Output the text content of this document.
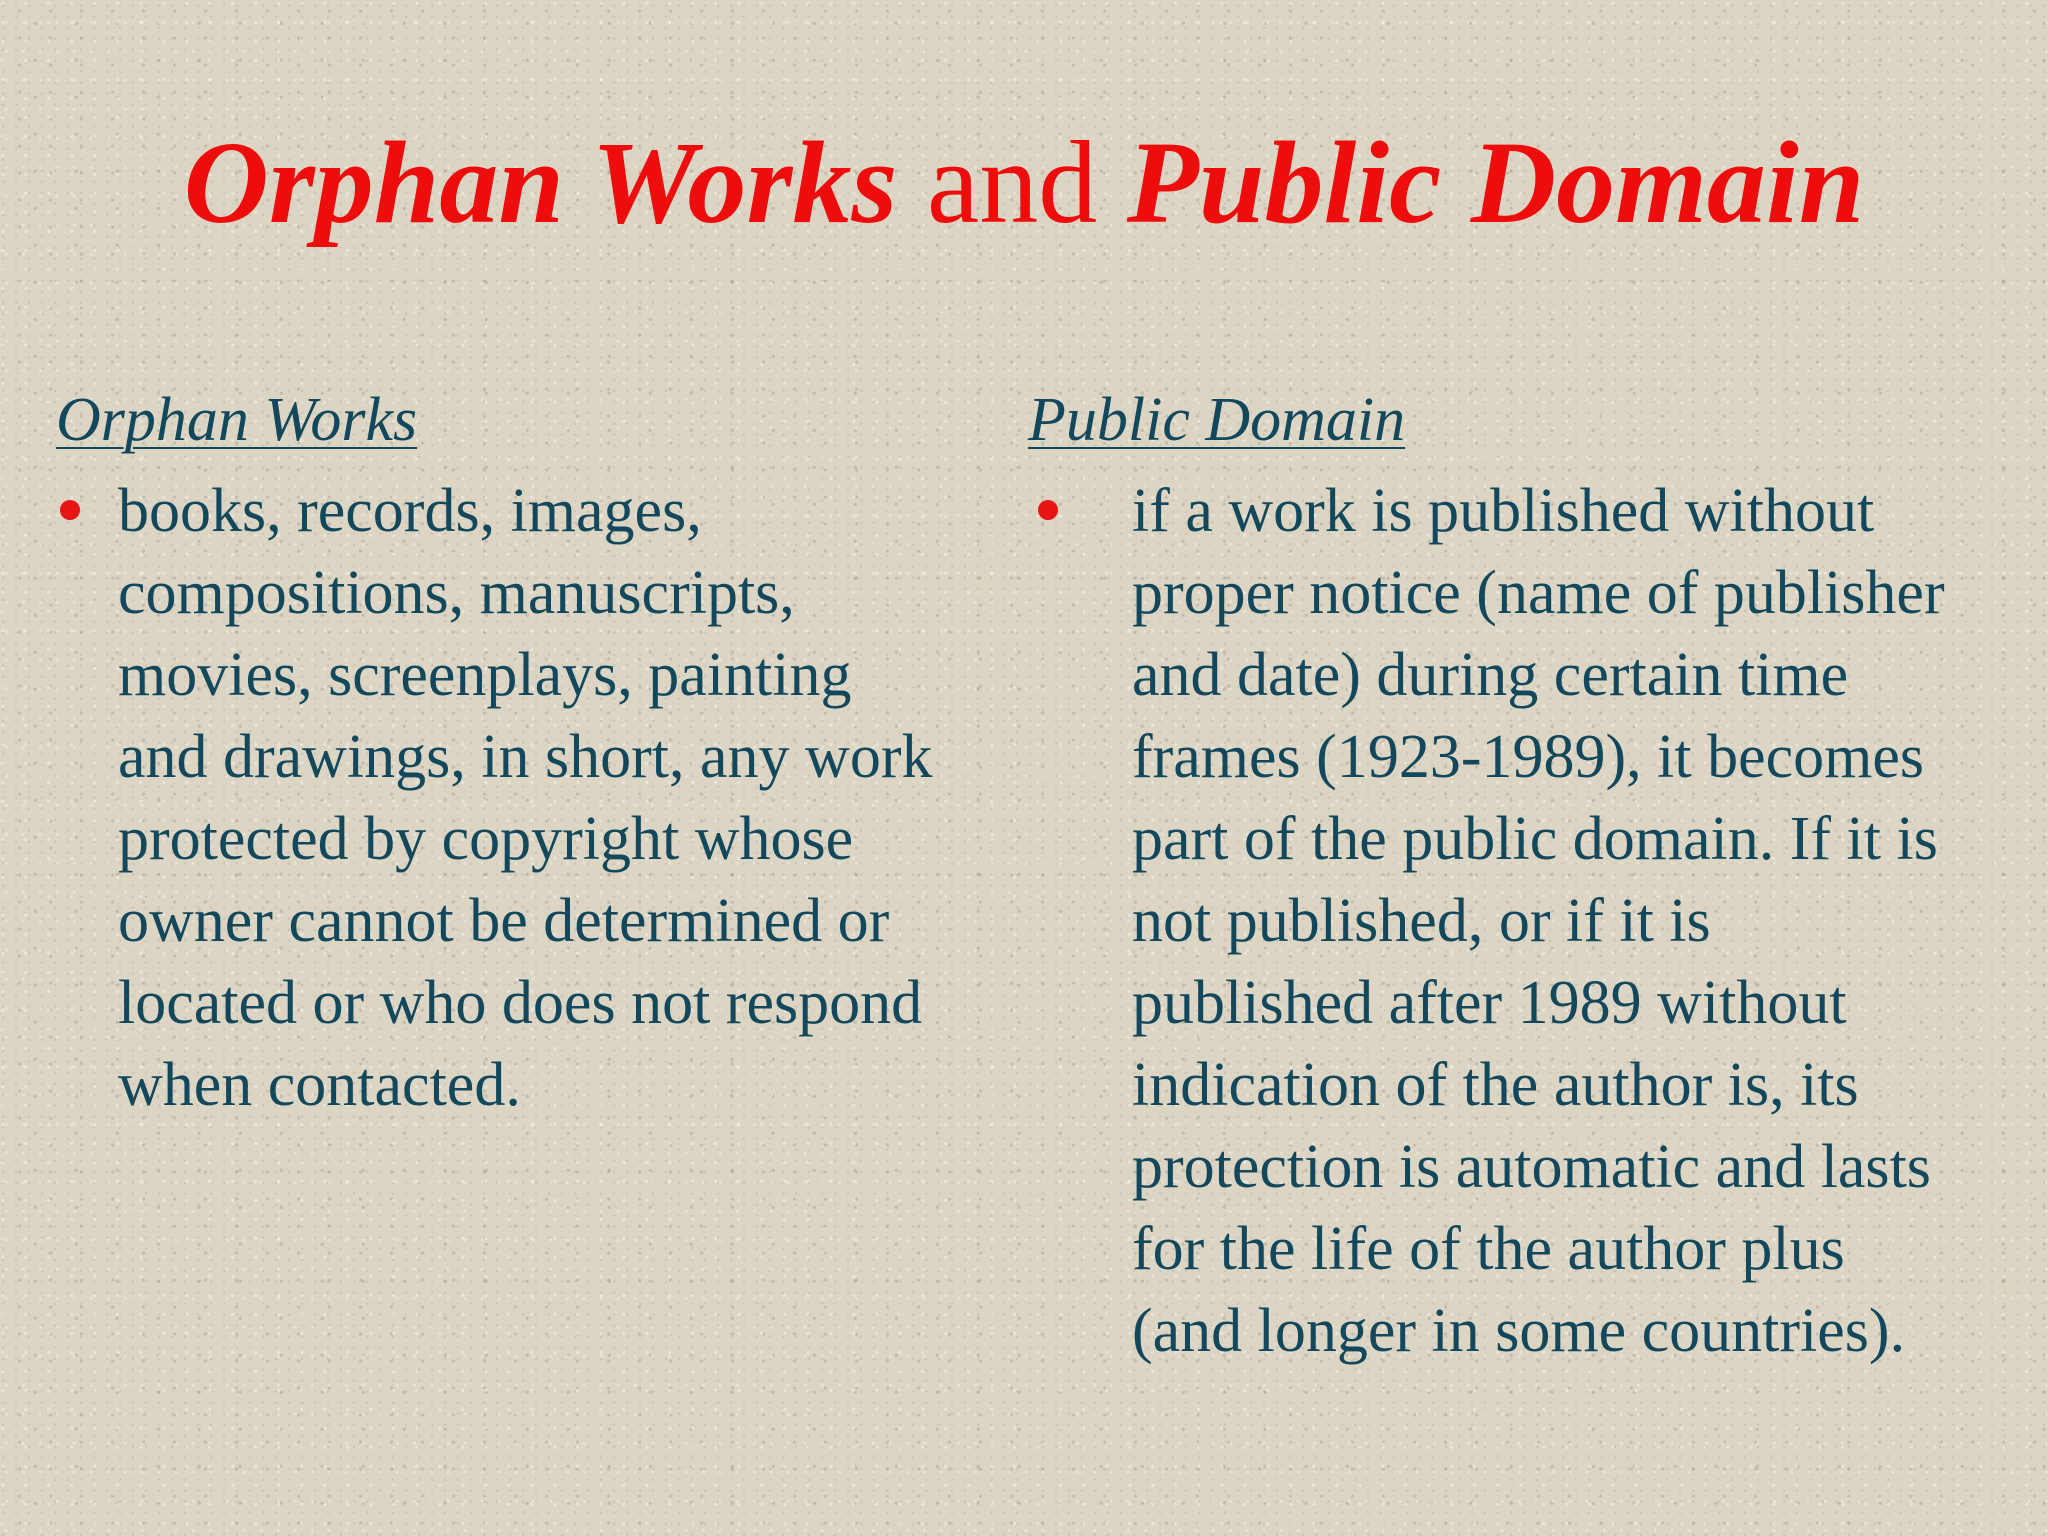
Orphan Works and Public Domain
Orphan Works
books, records, images,
compositions, manuscripts,
movies, screenplays, painting
and drawings, in short, any work
protected by copyright whose
owner cannot be determined or
located or who does not respond
when contacted.
Public Domain
if a work is published without
proper notice (name of publisher
and date) during certain time
frames (1923-1989), it becomes
part of the public domain. If it is
not published, or if it is
published after 1989 without
indication of the author is, its
protection is automatic and lasts
for the life of the author plus
(and longer in some countries).
